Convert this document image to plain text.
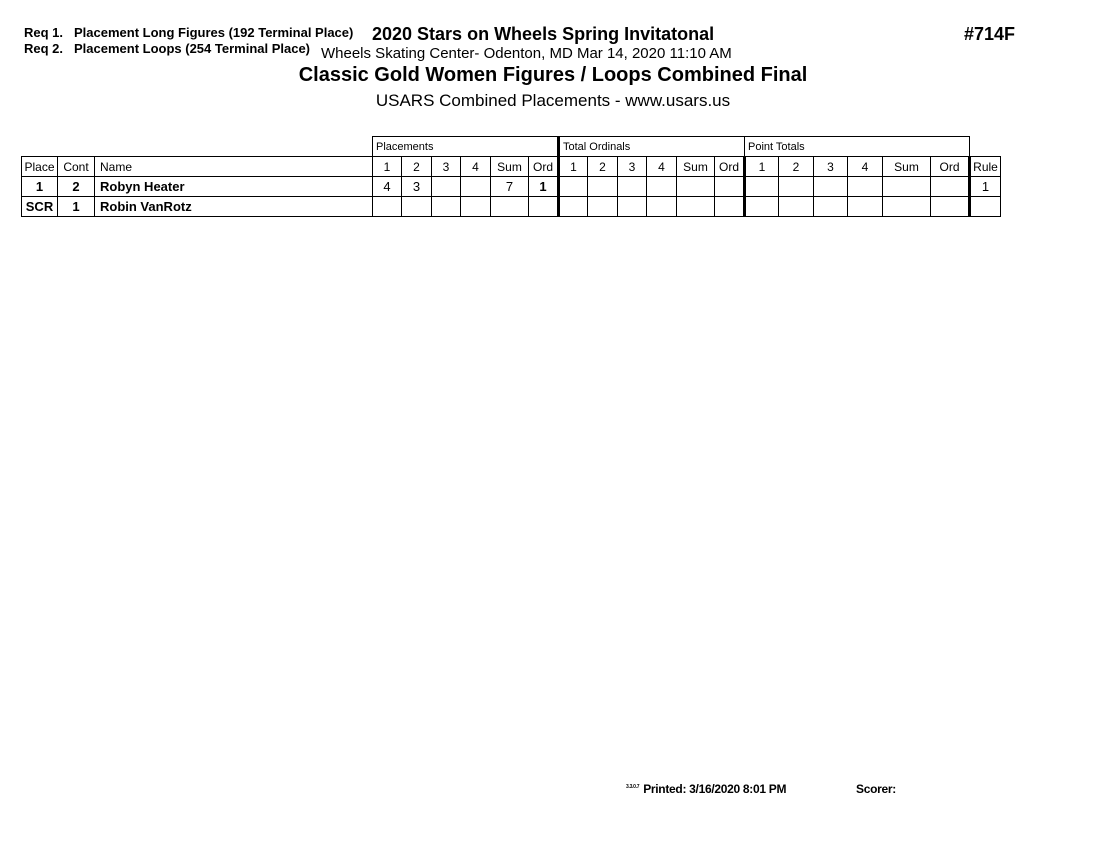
Req 1. Placement Long Figures (192 Terminal Place)
Req 2. Placement Loops (254 Terminal Place)
2020 Stars on Wheels Spring Invitatonal	#714F
Wheels Skating Center- Odenton, MD Mar 14, 2020 11:10 AM
Classic Gold Women Figures / Loops Combined Final
USARS Combined Placements - www.usars.us
			Placements						Total Ordinals						Point Totals						
Place	Cont	Name	1	2	3	4	Sum	Ord	1	2	3	4	Sum	Ord	1	2	3	4	Sum	Ord	Rule
1	2	Robyn Heater	4	3			7	1													1
SCR	1	Robin VanRotz																			
$^{3.3.0.7}$ Printed: 3/16/2020 8:01 PM	Scorer:
